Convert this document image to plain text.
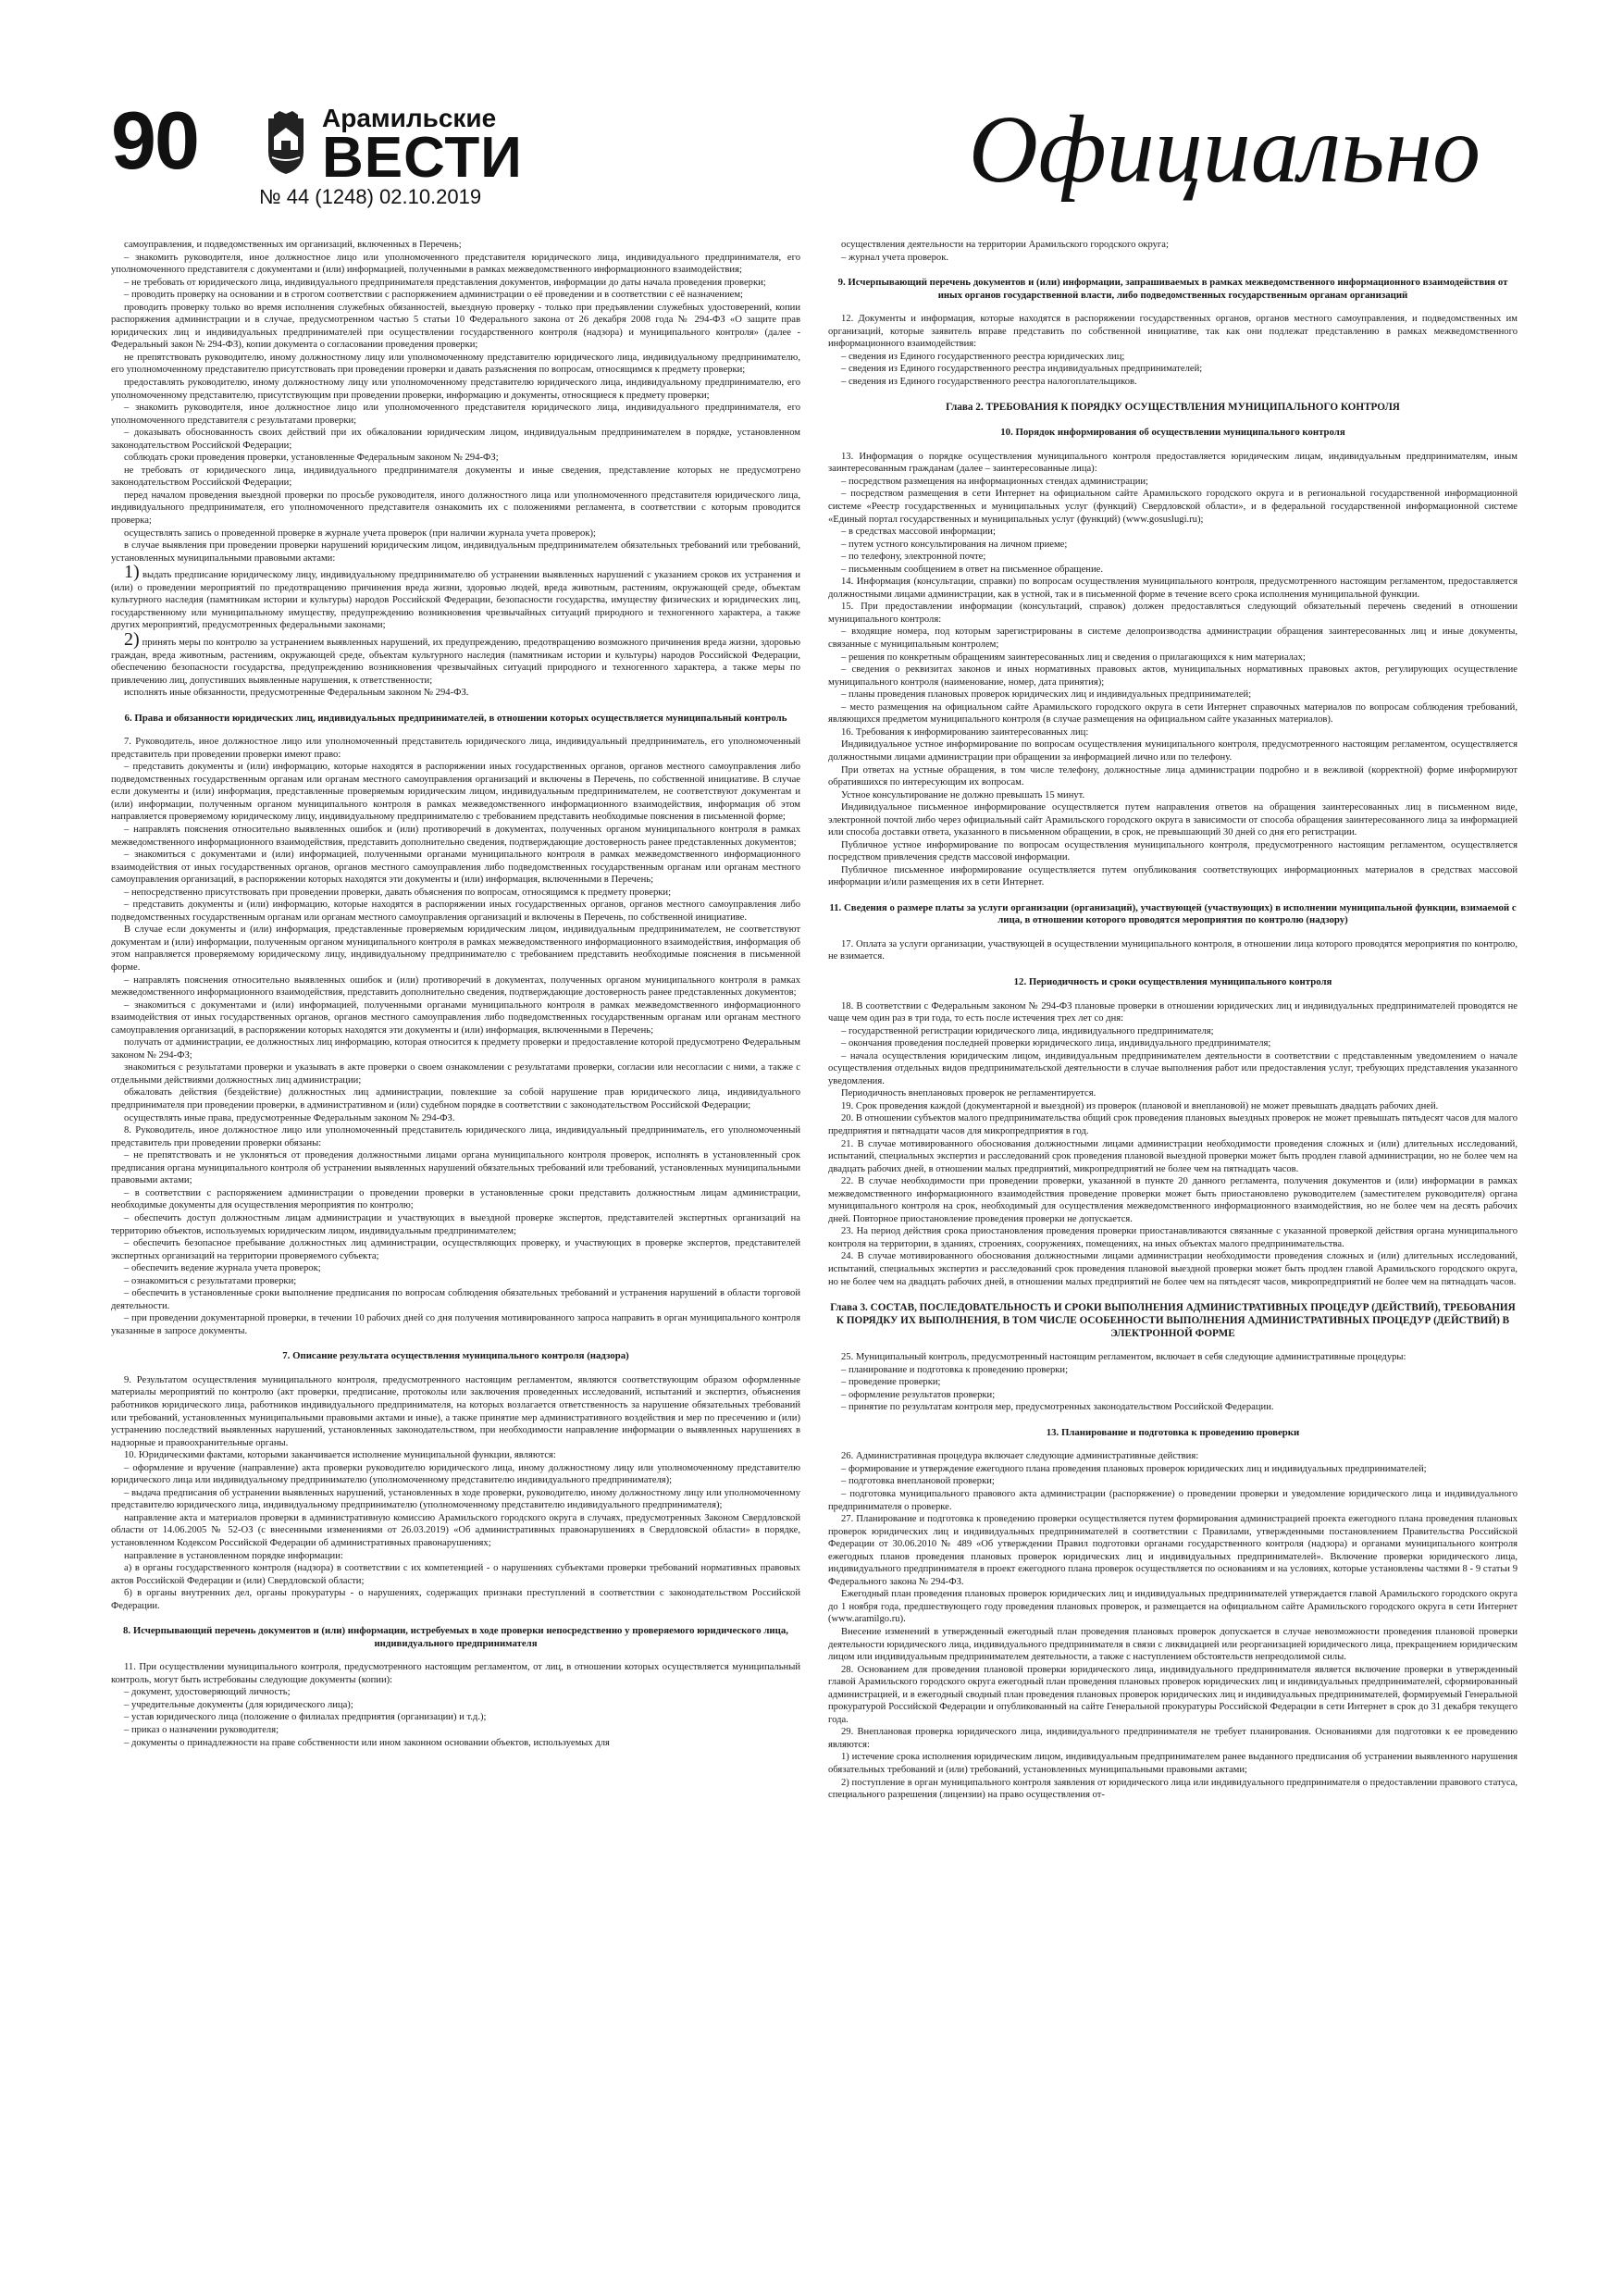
90	Арамильские
ВЕСТИ
№ 44 (1248) 02.10.2019	Официально

самоуправления, и подведомственных им организаций, включенных в Перечень;

– знакомить руководителя, иное должностное лицо или уполномоченного представителя юридического лица, индивидуального предпринимателя, его уполномоченного представителя с документами и (или) информацией, полученными в рамках межведомственного информационного взаимодействия;

– не требовать от юридического лица, индивидуального предпринимателя представления документов, информации до даты начала проведения проверки;

– проводить проверку на основании и в строгом соответствии с распоряжением администрации о её проведении и в соответствии с её назначением;

проводить проверку только во время исполнения служебных обязанностей, выездную проверку - только при предъявлении служебных удостоверений, копии распоряжения администрации и в случае, предусмотренном частью 5 статьи 10 Федерального закона от 26 декабря 2008 года № 294-ФЗ «О защите прав юридических лиц и индивидуальных предпринимателей при осуществлении государственного контроля (надзора) и муниципального контроля» (далее - Федеральный закон № 294-ФЗ), копии документа о согласовании проведения проверки;

не препятствовать руководителю, иному должностному лицу или уполномоченному представителю юридического лица, индивидуальному предпринимателю, его уполномоченному представителю присутствовать при проведении проверки и давать разъяснения по вопросам, относящимся к предмету проверки;

предоставлять руководителю, иному должностному лицу или уполномоченному представителю юридического лица, индивидуальному предпринимателю, его уполномоченному представителю, присутствующим при проведении проверки, информацию и документы, относящиеся к предмету проверки;

– знакомить руководителя, иное должностное лицо или уполномоченного представителя юридического лица, индивидуального предпринимателя, его уполномоченного представителя с результатами проверки;

– доказывать обоснованность своих действий при их обжаловании юридическим лицом, индивидуальным предпринимателем в порядке, установленном законодательством Российской Федерации;

соблюдать сроки проведения проверки, установленные Федеральным законом № 294-ФЗ;

не требовать от юридического лица, индивидуального предпринимателя документы и иные сведения, представление которых не предусмотрено законодательством Российской Федерации;

перед началом проведения выездной проверки по просьбе руководителя, иного должностного лица или уполномоченного представителя юридического лица, индивидуального предпринимателя, его уполномоченного представителя ознакомить их с положениями регламента, в соответствии с которым проводится проверка;

осуществлять запись о проведенной проверке в журнале учета проверок (при наличии журнала учета проверок);

в случае выявления при проведении проверки нарушений юридическим лицом, индивидуальным предпринимателем обязательных требований или требований, установленных муниципальными правовыми актами:

1) выдать предписание юридическому лицу, индивидуальному предпринимателю об устранении выявленных нарушений с указанием сроков их устранения и (или) о проведении мероприятий по предотвращению причинения вреда жизни, здоровью людей, вреда животным, растениям, окружающей среде, объектам культурного наследия (памятникам истории и культуры) народов Российской Федерации, безопасности государства, имуществу физических и юридических лиц, государственному или муниципальному имуществу, предупреждению возникновения чрезвычайных ситуаций природного и техногенного характера, а также других мероприятий, предусмотренных федеральными законами;

2) принять меры по контролю за устранением выявленных нарушений, их предупреждению, предотвращению возможного причинения вреда жизни, здоровью граждан, вреда животным, растениям, окружающей среде, объектам культурного наследия (памятникам истории и культуры) народов Российской Федерации, обеспечению безопасности государства, предупреждению возникновения чрезвычайных ситуаций природного и техногенного характера, а также меры по привлечению лиц, допустивших выявленные нарушения, к ответственности;

исполнять иные обязанности, предусмотренные Федеральным законом № 294-ФЗ.

6. Права и обязанности юридических лиц, индивидуальных предпринимателей, в отношении которых осуществляется муниципальный контроль

7. Руководитель, иное должностное лицо или уполномоченный представитель юридического лица, индивидуальный предприниматель, его уполномоченный представитель при проведении проверки имеют право:

– представить документы и (или) информацию, которые находятся в распоряжении иных государственных органов, органов местного самоуправления либо подведомственных государственным органам или органам местного самоуправления организаций и включены в Перечень, по собственной инициативе. В случае если документы и (или) информация, представленные проверяемым юридическим лицом, индивидуальным предпринимателем, не соответствуют документам и (или) информации, полученным органом муниципального контроля в рамках межведомственного информационного взаимодействия, информация об этом направляется проверяемому юридическому лицу, индивидуальному предпринимателю с требованием представить необходимые пояснения в письменной форме;

– направлять пояснения относительно выявленных ошибок и (или) противоречий в документах, полученных органом муниципального контроля в рамках межведомственного информационного взаимодействия, представить дополнительно сведения, подтверждающие достоверность ранее представленных документов;

– знакомиться с документами и (или) информацией, полученными органами муниципального контроля в рамках межведомственного информационного взаимодействия от иных государственных органов, органов местного самоуправления либо подведомственных государственным органам или органам местного самоуправления организаций, в распоряжении которых находятся эти документы и (или) информация, включенными в Перечень;

– непосредственно присутствовать при проведении проверки, давать объяснения по вопросам, относящимся к предмету проверки;

– представить документы и (или) информацию, которые находятся в распоряжении иных государственных органов, органов местного самоуправления либо подведомственных государственным органам или органам местного самоуправления организаций и включены в Перечень, по собственной инициативе.

В случае если документы и (или) информация, представленные проверяемым юридическим лицом, индивидуальным предпринимателем, не соответствуют документам и (или) информации, полученным органом муниципального контроля в рамках межведомственного информационного взаимодействия, информация об этом направляется проверяемому юридическому лицу, индивидуальному предпринимателю с требованием представить необходимые пояснения в письменной форме.

– направлять пояснения относительно выявленных ошибок и (или) противоречий в документах, полученных органом муниципального контроля в рамках межведомственного информационного взаимодействия, представить дополнительно сведения, подтверждающие достоверность ранее представленных документов;

– знакомиться с документами и (или) информацией, полученными органами муниципального контроля в рамках межведомственного информационного взаимодействия от иных государственных органов, органов местного самоуправления либо подведомственных государственным органам или органам местного самоуправления организаций, в распоряжении которых находятся эти документы и (или) информация, включенными в Перечень;

получать от администрации, ее должностных лиц информацию, которая относится к предмету проверки и предоставление которой предусмотрено Федеральным законом № 294-ФЗ;

знакомиться с результатами проверки и указывать в акте проверки о своем ознакомлении с результатами проверки, согласии или несогласии с ними, а также с отдельными действиями должностных лиц администрации;

обжаловать действия (бездействие) должностных лиц администрации, повлекшие за собой нарушение прав юридического лица, индивидуального предпринимателя при проведении проверки, в административном и (или) судебном порядке в соответствии с законодательством Российской Федерации;

осуществлять иные права, предусмотренные Федеральным законом № 294-ФЗ.

8. Руководитель, иное должностное лицо или уполномоченный представитель юридического лица, индивидуальный предприниматель, его уполномоченный представитель при проведении проверки обязаны:

– не препятствовать и не уклоняться от проведения должностными лицами органа муниципального контроля проверок, исполнять в установленный срок предписания органа муниципального контроля об устранении выявленных нарушений обязательных требований или требований, установленных муниципальными правовыми актами;

– в соответствии с распоряжением администрации о проведении проверки в установленные сроки представить должностным лицам администрации, необходимые документы для осуществления мероприятия по контролю;

– обеспечить доступ должностным лицам администрации и участвующих в выездной проверке экспертов, представителей экспертных организаций на территорию объектов, используемых юридическим лицом, индивидуальным предпринимателем;

– обеспечить безопасное пребывание должностных лиц администрации, осуществляющих проверку, и участвующих в проверке экспертов, представителей экспертных организаций на территории проверяемого субъекта;

– обеспечить ведение журнала учета проверок;

– ознакомиться с результатами проверки;

– обеспечить в установленные сроки выполнение предписания по вопросам соблюдения обязательных требований и устранения нарушений в области торговой деятельности.

– при проведении документарной проверки, в течении 10 рабочих дней со дня получения мотивированного запроса направить в орган муниципального контроля указанные в запросе документы.

7. Описание результата осуществления муниципального контроля (надзора)

9. Результатом осуществления муниципального контроля, предусмотренного настоящим регламентом, являются соответствующим образом оформленные материалы мероприятий по контролю (акт проверки, предписание, протоколы или заключения проведенных исследований, испытаний и экспертиз, объяснения работников юридического лица, работников индивидуального предпринимателя, на которых возлагается ответственность за нарушение обязательных требований или требований, установленных муниципальными правовыми актами и иные), а также принятие мер административного воздействия и мер по пресечению и (или) устранению последствий выявленных нарушений, установленных законодательством, при необходимости направление информации о выявленных нарушениях в надзорные и правоохранительные органы.

10. Юридическими фактами, которыми заканчивается исполнение муниципальной функции, являются:

– оформление и вручение (направление) акта проверки руководителю юридического лица, иному должностному лицу или уполномоченному представителю юридического лица или индивидуальному предпринимателю (уполномоченному представителю индивидуального предпринимателя);

– выдача предписания об устранении выявленных нарушений, установленных в ходе проверки, руководителю, иному должностному лицу или уполномоченному представителю юридического лица, индивидуальному предпринимателю (уполномоченному представителю индивидуального предпринимателя);

направление акта и материалов проверки в административную комиссию Арамильского городского округа в случаях, предусмотренных Законом Свердловской области от 14.06.2005 № 52-ОЗ (с внесенными изменениями от 26.03.2019) «Об административных правонарушениях в Свердловской области» в порядке, установленном Кодексом Российской Федерации об административных правонарушениях;

направление в установленном порядке информации:

а) в органы государственного контроля (надзора) в соответствии с их компетенцией - о нарушениях субъектами проверки требований нормативных правовых актов Российской Федерации и (или) Свердловской области;

б) в органы внутренних дел, органы прокуратуры - о нарушениях, содержащих признаки преступлений в соответствии с законодательством Российской Федерации.

8. Исчерпывающий перечень документов и (или) информации, истребуемых в ходе проверки непосредственно у проверяемого юридического лица, индивидуального предпринимателя

11. При осуществлении муниципального контроля, предусмотренного настоящим регламентом, от лиц, в отношении которых осуществляется муниципальный контроль, могут быть истребованы следующие документы (копии):

– документ, удостоверяющий личность;

– учредительные документы (для юридического лица);

– устав юридического лица (положение о филиалах предприятия (организации) и т.д.);

– приказ о назначении руководителя;

– документы о принадлежности на праве собственности или ином законном основании объектов, используемых для

осуществления деятельности на территории Арамильского городского округа;

– журнал учета проверок.

9. Исчерпывающий перечень документов и (или) информации, запрашиваемых в рамках межведомственного информационного взаимодействия от иных органов государственной власти, либо подведомственных государственным органам организаций

12. Документы и информация, которые находятся в распоряжении государственных органов, органов местного самоуправления, и подведомственных им организаций, которые заявитель вправе представить по собственной инициативе, так как они подлежат представлению в рамках межведомственного информационного взаимодействия:

– сведения из Единого государственного реестра юридических лиц;

– сведения из Единого государственного реестра индивидуальных предпринимателей;

– сведения из Единого государственного реестра налогоплательщиков.

Глава 2. ТРЕБОВАНИЯ К ПОРЯДКУ ОСУЩЕСТВЛЕНИЯ МУНИЦИПАЛЬНОГО КОНТРОЛЯ
10. Порядок информирования об осуществлении муниципального контроля

13. Информация о порядке осуществления муниципального контроля предоставляется юридическим лицам, индивидуальным предпринимателям, иным заинтересованным гражданам (далее – заинтересованные лица):

– посредством размещения на информационных стендах администрации;

– посредством размещения в сети Интернет на официальном сайте Арамильского городского округа и в региональной государственной информационной системе «Реестр государственных и муниципальных услуг (функций) Свердловской области», и в федеральной государственной информационной системе «Единый портал государственных и муниципальных услуг (функций) (www.gosuslugi.ru);

– в средствах массовой информации;

– путем устного консультирования на личном приеме;

– по телефону, электронной почте;

– письменным сообщением в ответ на письменное обращение.

14. Информация (консультации, справки) по вопросам осуществления муниципального контроля, предусмотренного настоящим регламентом, предоставляется должностными лицами администрации, как в устной, так и в письменной форме в течение всего срока исполнения муниципальной функции.

15. При предоставлении информации (консультаций, справок) должен предоставляться следующий обязательный перечень сведений в отношении муниципального контроля:

– входящие номера, под которым зарегистрированы в системе делопроизводства администрации обращения заинтересованных лиц и иные документы, связанные с муниципальным контролем;

– решения по конкретным обращениям заинтересованных лиц и сведения о прилагающихся к ним материалах;

– сведения о реквизитах законов и иных нормативных правовых актов, муниципальных нормативных правовых актов, регулирующих осуществление муниципального контроля (наименование, номер, дата принятия);

– планы проведения плановых проверок юридических лиц и индивидуальных предпринимателей;

– место размещения на официальном сайте Арамильского городского округа в сети Интернет справочных материалов по вопросам соблюдения требований, являющихся предметом муниципального контроля (в случае размещения на официальном сайте указанных материалов).

16. Требования к информированию заинтересованных лиц:

Индивидуальное устное информирование по вопросам осуществления муниципального контроля, предусмотренного настоящим регламентом, осуществляется должностными лицами администрации при обращении за информацией лично или по телефону.

При ответах на устные обращения, в том числе телефону, должностные лица администрации подробно и в вежливой (корректной) форме информируют обратившихся по интересующим их вопросам.

Устное консультирование не должно превышать 15 минут.

Индивидуальное письменное информирование осуществляется путем направления ответов на обращения заинтересованных лиц в письменном виде, электронной почтой либо через официальный сайт Арамильского городского округа в зависимости от способа обращения заинтересованного лица за информацией или способа доставки ответа, указанного в письменном обращении, в срок, не превышающий 30 дней со дня его регистрации.

Публичное устное информирование по вопросам осуществления муниципального контроля, предусмотренного настоящим регламентом, осуществляется посредством привлечения средств массовой информации.

Публичное письменное информирование осуществляется путем опубликования соответствующих информационных материалов в средствах массовой информации и/или размещения их в сети Интернет.

11. Сведения о размере платы за услуги организации (организаций), участвующей (участвующих) в исполнении муниципальной функции, взимаемой с лица, в отношении которого проводятся мероприятия по контролю (надзору)

17. Оплата за услуги организации, участвующей в осуществлении муниципального контроля, в отношении лица которого проводятся мероприятия по контролю, не взимается.

12. Периодичность и сроки осуществления муниципального контроля

18. В соответствии с Федеральным законом № 294-ФЗ плановые проверки в отношении юридических лиц и индивидуальных предпринимателей проводятся не чаще чем один раз в три года, то есть после истечения трех лет со дня:

– государственной регистрации юридического лица, индивидуального предпринимателя;

– окончания проведения последней проверки юридического лица, индивидуального предпринимателя;

– начала осуществления юридическим лицом, индивидуальным предпринимателем деятельности в соответствии с представленным уведомлением о начале осуществления отдельных видов предпринимательской деятельности в случае выполнения работ или предоставления услуг, требующих представления указанного уведомления.

Периодичность внеплановых проверок не регламентируется.

19. Срок проведения каждой (документарной и выездной) из проверок (плановой и внеплановой) не может превышать двадцать рабочих дней.

20. В отношении субъектов малого предпринимательства общий срок проведения плановых выездных проверок не может превышать пятьдесят часов для малого предприятия и пятнадцати часов для микропредприятия в год.

21. В случае мотивированного обоснования должностными лицами администрации необходимости проведения сложных и (или) длительных исследований, испытаний, специальных экспертиз и расследований срок проведения плановой выездной проверки может быть продлен главой администрации, но не более чем на двадцать рабочих дней, в отношении малых предприятий, микропредприятий не более чем на пятнадцать часов.

22. В случае необходимости при проведении проверки, указанной в пункте 20 данного регламента, получения документов и (или) информации в рамках межведомственного информационного взаимодействия проведение проверки может быть приостановлено руководителем (заместителем руководителя) органа муниципального контроля на срок, необходимый для осуществления межведомственного информационного взаимодействия, но не более чем на десять рабочих дней. Повторное приостановление проведения проверки не допускается.

23. На период действия срока приостановления проведения проверки приостанавливаются связанные с указанной проверкой действия органа муниципального контроля на территории, в зданиях, строениях, сооружениях, помещениях, на иных объектах малого предпринимательства.

24. В случае мотивированного обоснования должностными лицами администрации необходимости проведения сложных и (или) длительных исследований, испытаний, специальных экспертиз и расследований срок проведения плановой выездной проверки может быть продлен главой Арамильского городского округа, но не более чем на двадцать рабочих дней, в отношении малых предприятий не более чем на пятьдесят часов, микропредприятий не более чем на пятнадцать часов.

Глава 3. СОСТАВ, ПОСЛЕДОВАТЕЛЬНОСТЬ И СРОКИ ВЫПОЛНЕНИЯ АДМИНИСТРАТИВНЫХ ПРОЦЕДУР (ДЕЙСТВИЙ), ТРЕБОВАНИЯ К ПОРЯДКУ ИХ ВЫПОЛНЕНИЯ, В ТОМ ЧИСЛЕ ОСОБЕННОСТИ ВЫПОЛНЕНИЯ АДМИНИСТРАТИВНЫХ ПРОЦЕДУР (ДЕЙСТВИЙ) В ЭЛЕКТРОННОЙ ФОРМЕ

25. Муниципальный контроль, предусмотренный настоящим регламентом, включает в себя следующие административные процедуры:

– планирование и подготовка к проведению проверки;

– проведение проверки;

– оформление результатов проверки;

– принятие по результатам контроля мер, предусмотренных законодательством Российской Федерации.

13. Планирование и подготовка к проведению проверки

26. Административная процедура включает следующие административные действия:

– формирование и утверждение ежегодного плана проведения плановых проверок юридических лиц и индивидуальных предпринимателей;

– подготовка внеплановой проверки;

– подготовка муниципального правового акта администрации (распоряжение) о проведении проверки и уведомление юридического лица и индивидуального предпринимателя о проверке.

27. Планирование и подготовка к проведению проверки осуществляется путем формирования администрацией проекта ежегодного плана проведения плановых проверок юридических лиц и индивидуальных предпринимателей в соответствии с Правилами, утвержденными постановлением Правительства Российской Федерации от 30.06.2010 № 489 «Об утверждении Правил подготовки органами государственного контроля (надзора) и органами муниципального контроля ежегодных планов проведения плановых проверок юридических лиц и индивидуальных предпринимателей». Включение проверки юридического лица, индивидуального предпринимателя в проект ежегодного плана проверок осуществляется по основаниям и на условиях, которые установлены частями 8 - 9 статьи 9 Федерального закона № 294-ФЗ.

Ежегодный план проведения плановых проверок юридических лиц и индивидуальных предпринимателей утверждается главой Арамильского городского округа до 1 ноября года, предшествующего году проведения плановых проверок, и размещается на официальном сайте Арамильского городского округа в сети Интернет (www.aramilgo.ru).

Внесение изменений в утвержденный ежегодный план проведения плановых проверок допускается в случае невозможности проведения плановой проверки деятельности юридического лица, индивидуального предпринимателя в связи с ликвидацией или реорганизацией юридического лица, прекращением юридическим лицом или индивидуальным предпринимателем деятельности, а также с наступлением обстоятельств непреодолимой силы.

28. Основанием для проведения плановой проверки юридического лица, индивидуального предпринимателя является включение проверки в утвержденный главой Арамильского городского округа ежегодный план проведения плановых проверок юридических лиц и индивидуальных предпринимателей, сформированный администрацией, и в ежегодный сводный план проведения плановых проверок юридических лиц и индивидуальных предпринимателей, формируемый Генеральной прокуратурой Российской Федерации и опубликованный на сайте Генеральной прокуратуры Российской Федерации в сети Интернет в срок до 31 декабря текущего года.

29. Внеплановая проверка юридического лица, индивидуального предпринимателя не требует планирования. Основаниями для подготовки к ее проведению являются:

1) истечение срока исполнения юридическим лицом, индивидуальным предпринимателем ранее выданного предписания об устранении выявленного нарушения обязательных требований и (или) требований, установленных муниципальными правовыми актами;

2) поступление в орган муниципального контроля заявления от юридического лица или индивидуального предпринимателя о предоставлении правового статуса, специального разрешения (лицензии) на право осуществления от-
